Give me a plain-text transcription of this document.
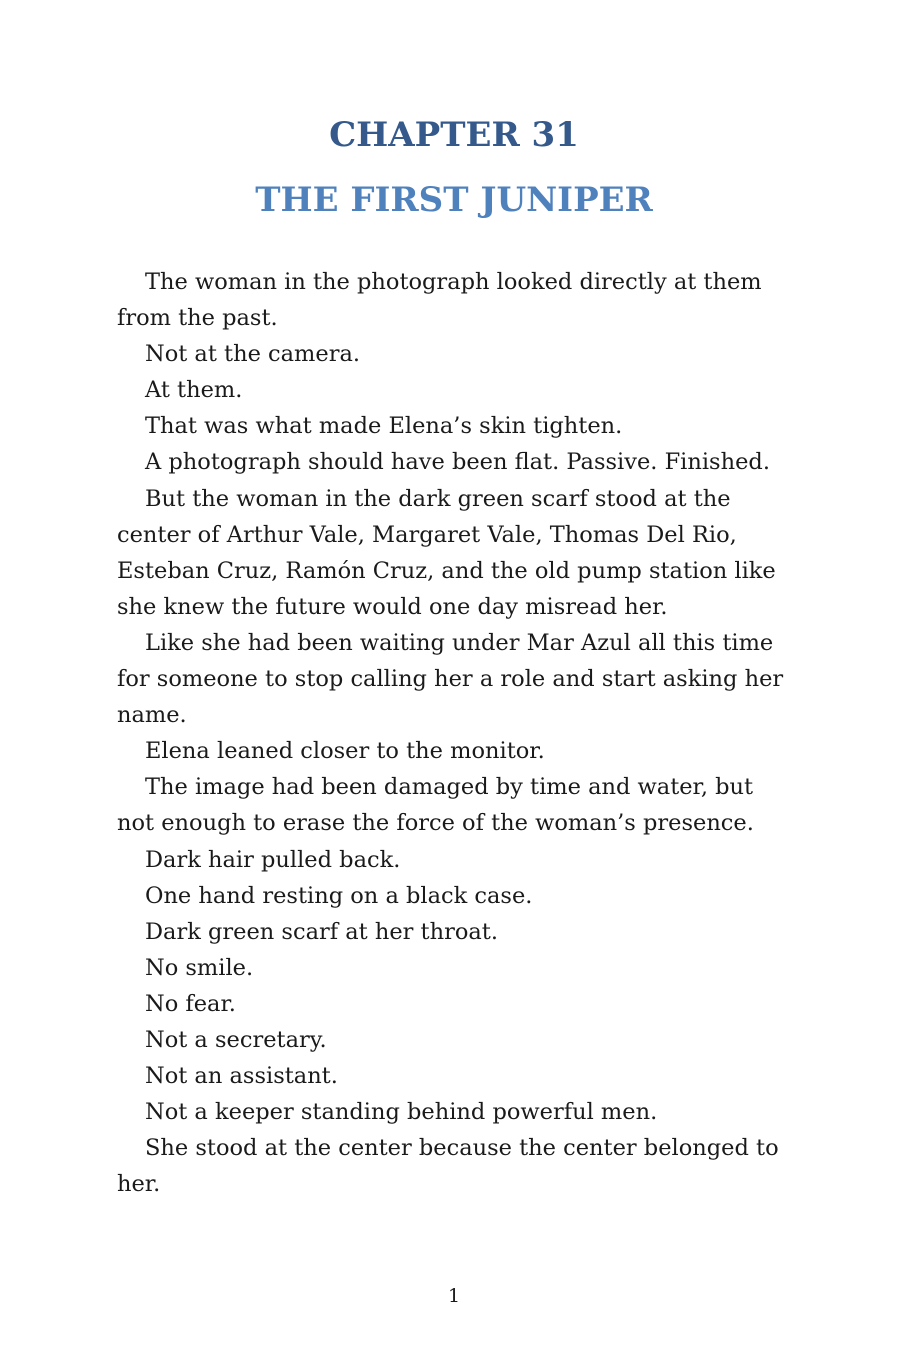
CHAPTER 31
THE FIRST JUNIPER

The woman in the photograph looked directly at them from the past.

Not at the camera.

At them.

That was what made Elena’s skin tighten.

A photograph should have been flat. Passive. Finished.

But the woman in the dark green scarf stood at the center of Arthur Vale, Margaret Vale, Thomas Del Rio, Esteban Cruz, Ramón Cruz, and the old pump station like she knew the future would one day misread her.

Like she had been waiting under Mar Azul all this time for someone to stop calling her a role and start asking her name.

Elena leaned closer to the monitor.

The image had been damaged by time and water, but not enough to erase the force of the woman’s presence.

Dark hair pulled back.

One hand resting on a black case.

Dark green scarf at her throat.

No smile.

No fear.

Not a secretary.

Not an assistant.

Not a keeper standing behind powerful men.

She stood at the center because the center belonged to her.

1
